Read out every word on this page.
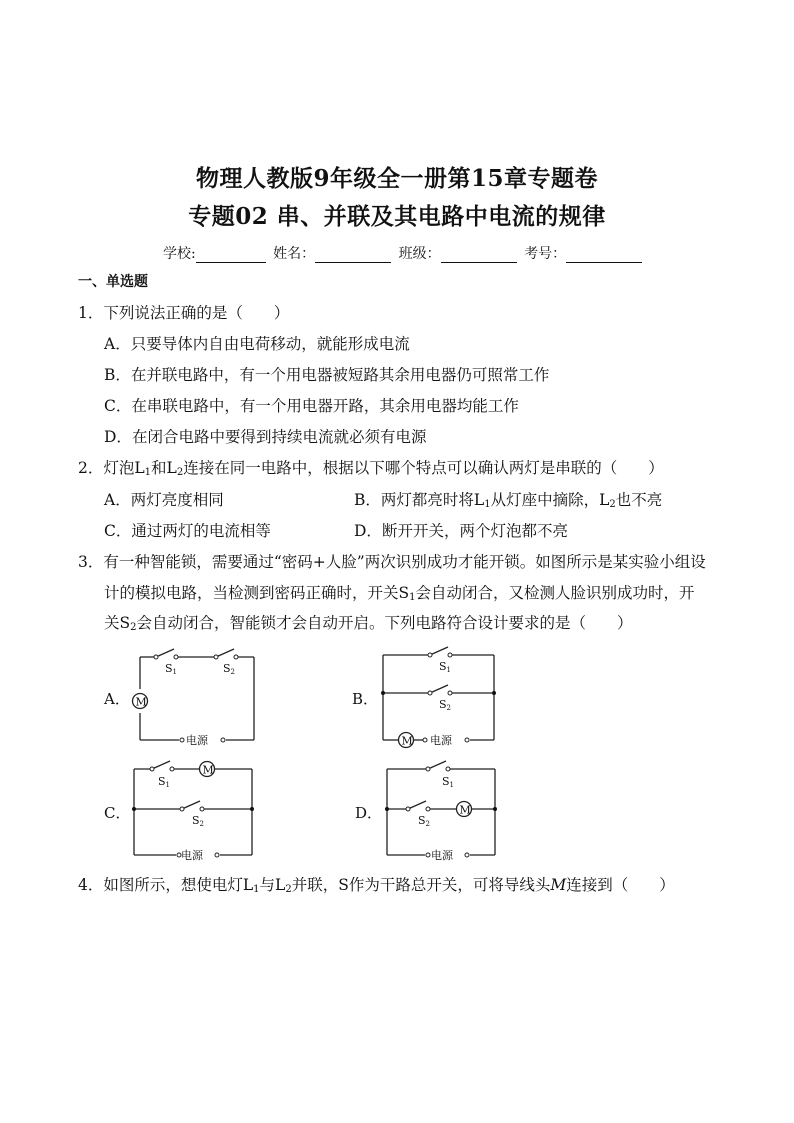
物理人教版9年级全一册第15章专题卷
专题02 串、并联及其电路中电流的规律
学校:	姓名：	班级：	考号：
一、单选题
1．下列说法正确的是（　　）
A．只要导体内自由电荷移动，就能形成电流
B．在并联电路中，有一个用电器被短路其余用电器仍可照常工作
C．在串联电路中，有一个用电器开路，其余用电器均能工作
D．在闭合电路中要得到持续电流就必须有电源
2．灯泡$L_1$和$L_2$连接在同一电路中，根据以下哪个特点可以确认两灯是串联的（　　）
A．两灯亮度相同	B．两灯都亮时将$L_1$从灯座中摘除，$L_2$也不亮
C．通过两灯的电流相等	D．断开开关，两个灯泡都不亮
3．有一种智能锁，需要通过“密码+人脸”两次识别成功才能开锁。如图所示是某实验小组设
计的模拟电路，当检测到密码正确时，开关$S_1$会自动闭合，又检测人脸识别成功时，开
关$S_2$会自动闭合，智能锁才会自动开启。下列电路符合设计要求的是（　　）
A．	B．
C．	D．
M
S1	S2
电源	M
S1
S2
电源
M
S1
S2
电源
M
S1
S2
电源
4．如图所示，想使电灯$L_1$与$L_2$并联，S作为干路总开关，可将导线头M连接到（　　）
